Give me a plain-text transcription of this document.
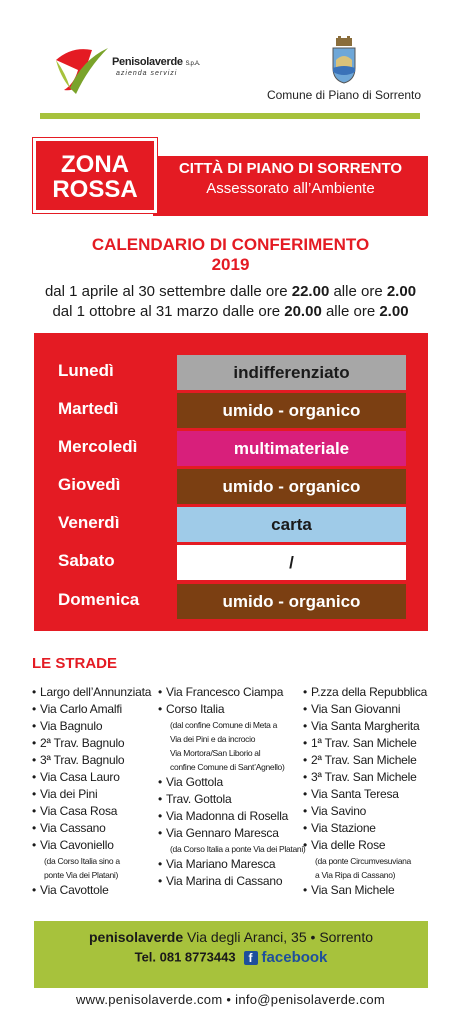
Penisolaverde S.p.A.
azienda servizi
Comune di Piano di Sorrento
CITTÀ DI PIANO DI SORRENTO
Assessorato all’Ambiente
ZONA
ROSSA
CALENDARIO DI CONFERIMENTO
2019
dal 1 aprile al 30 settembre dalle ore 22.00 alle ore 2.00
dal 1 ottobre al 31 marzo dalle ore 20.00 alle ore 2.00
Lunedì	indifferenziato
Martedì	umido - organico
Mercoledì	multimateriale
Giovedì	umido - organico
Venerdì	carta
Sabato	/
Domenica	umido - organico
LE STRADE
• Largo dell’Annunziata
• Via Carlo Amalfi
• Via Bagnulo
• 2ª Trav. Bagnulo
• 3ª Trav. Bagnulo
• Via Casa Lauro
• Via dei Pini
• Via Casa Rosa
• Via Cassano
• Via Cavoniello
(da Corso Italia sino a
ponte Via dei Platani)
• Via Cavottole
• Via Francesco Ciampa
• Corso Italia
(dal confine Comune di Meta a
Via dei Pini e da incrocio
Via Mortora/San Liborio al
confine Comune di Sant’Agnello)
• Via Gottola
• Trav. Gottola
• Via Madonna di Rosella
• Via Gennaro Maresca
(da Corso Italia a ponte Via dei Platani)
• Via Mariano Maresca
• Via Marina di Cassano
• P.zza della Repubblica
• Via San Giovanni
• Via Santa Margherita
• 1ª Trav. San Michele
• 2ª Trav. San Michele
• 3ª Trav. San Michele
• Via Santa Teresa
• Via Savino
• Via Stazione
• Via delle Rose
(da ponte Circumvesuviana
a Via Ripa di Cassano)
• Via San Michele
penisolaverde Via degli Aranci, 35 • Sorrento
Tel. 081 8773443	f facebook
www.penisolaverde.com • info@penisolaverde.com
